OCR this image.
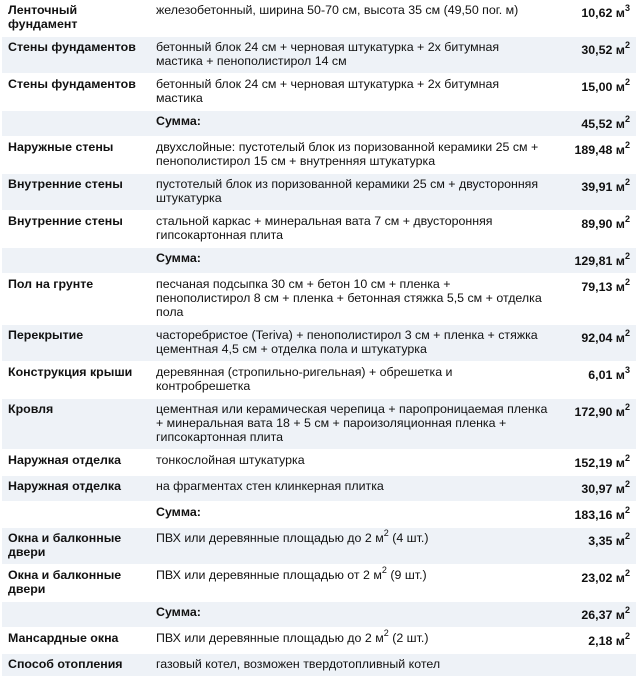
Ленточный фундамент	железобетонный, ширина 50-70 см, высота 35 см (49,50 пог. м)	10,62 $м^3$
Стены фундаментов	бетонный блок 24 см + черновая штукатурка + 2х битумная мастика + пенополистирол 14 см	30,52 $м^2$
Стены фундаментов	бетонный блок 24 см + черновая штукатурка + 2х битумная мастика	15,00 $м^2$
	Сумма:	45,52 $м^2$
Наружные стены	двухслойные: пустотелый блок из поризованной керамики 25 см + пенополистирол 15 см + внутренняя штукатурка	189,48 $м^2$
Внутренние стены	пустотелый блок из поризованной керамики 25 см + двусторонняя штукатурка	39,91 $м^2$
Внутренние стены	стальной каркас + минеральная вата 7 см + двусторонняя гипсокартонная плита	89,90 $м^2$
	Сумма:	129,81 $м^2$
Пол на грунте	песчаная подсыпка 30 см + бетон 10 см + пленка + пенополистирол 8 см + пленка + бетонная стяжка 5,5 см + отделка пола	79,13 $м^2$
Перекрытие	часторебристое (Teriva) + пенополистирол 3 см + пленка + стяжка цементная 4,5 см + отделка пола и штукатурка	92,04 $м^2$
Конструкция крыши	деревянная (стропильно-ригельная) + обрешетка и контробрешетка	6,01 $м^3$
Кровля	цементная или керамическая черепица + паропроницаемая пленка + минеральная вата 18 + 5 см + пароизоляционная пленка + гипсокартонная плита	172,90 $м^2$
Наружная отделка	тонкослойная штукатурка	152,19 $м^2$
Наружная отделка	на фрагментах стен клинкерная плитка	30,97 $м^2$
	Сумма:	183,16 $м^2$
Окна и балконные двери	ПВХ или деревянные площадью до 2 $м^2$ (4 шт.)	3,35 $м^2$
Окна и балконные двери	ПВХ или деревянные площадью от 2 $м^2$ (9 шт.)	23,02 $м^2$
	Сумма:	26,37 $м^2$
Мансардные окна	ПВХ или деревянные площадью до 2 $м^2$ (2 шт.)	2,18 $м^2$
Способ отопления	газовый котел, возможен твердотопливный котел	
